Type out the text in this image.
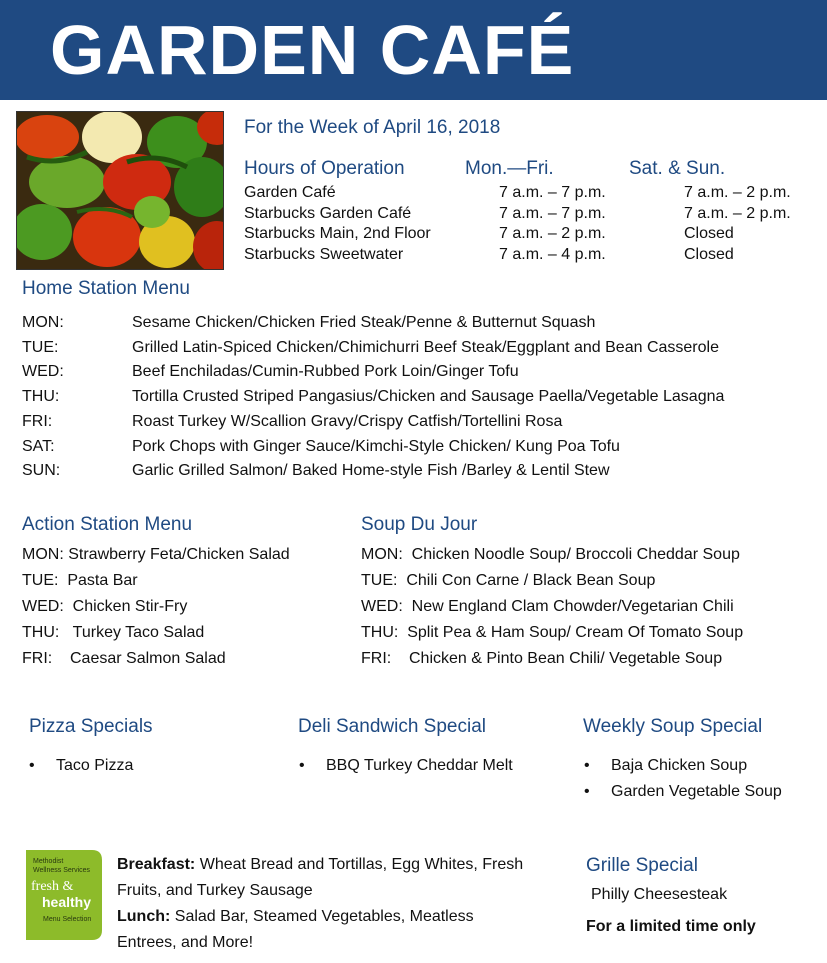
GARDEN CAFÉ
For the Week of April 16, 2018
Hours of Operation	Mon.—Fri.	Sat. & Sun.
Garden Café	7 a.m. – 7 p.m.	7 a.m. – 2 p.m.
Starbucks Garden Café	7 a.m. – 7 p.m.	7 a.m. – 2 p.m.
Starbucks Main, 2nd Floor	7 a.m. – 2 p.m.	Closed
Starbucks Sweetwater	7 a.m. – 4 p.m.	Closed
Home Station Menu
MON:	Sesame Chicken/Chicken Fried Steak/Penne & Butternut Squash
TUE:	Grilled Latin-Spiced Chicken/Chimichurri Beef Steak/Eggplant and Bean Casserole
WED:	Beef Enchiladas/Cumin-Rubbed Pork Loin/Ginger Tofu
THU:	Tortilla Crusted Striped Pangasius/Chicken and Sausage Paella/Vegetable Lasagna
FRI:	Roast Turkey W/Scallion Gravy/Crispy Catfish/Tortellini Rosa
SAT:	Pork Chops with Ginger Sauce/Kimchi-Style Chicken/ Kung Poa Tofu
SUN:	Garlic Grilled Salmon/ Baked Home-style Fish /Barley & Lentil Stew
Action Station Menu
MON: Strawberry Feta/Chicken Salad
TUE: Pasta Bar
WED: Chicken Stir-Fry
THU: Turkey Taco Salad
FRI: Caesar Salmon Salad
Soup Du Jour
MON: Chicken Noodle Soup/ Broccoli Cheddar Soup
TUE: Chili Con Carne / Black Bean Soup
WED: New England Clam Chowder/Vegetarian Chili
THU: Split Pea & Ham Soup/ Cream Of Tomato Soup
FRI: Chicken & Pinto Bean Chili/ Vegetable Soup
Pizza Specials
• Taco Pizza
Deli Sandwich Special
• BBQ Turkey Cheddar Melt
Weekly Soup Special
• Baja Chicken Soup
• Garden Vegetable Soup
Methodist
Wellness Services
fresh &
healthy
Menu Selection
Breakfast: Wheat Bread and Tortillas, Egg Whites, Fresh Fruits, and Turkey Sausage
Lunch: Salad Bar, Steamed Vegetables, Meatless Entrees, and More!
Grille Special
Philly Cheesesteak
For a limited time only
